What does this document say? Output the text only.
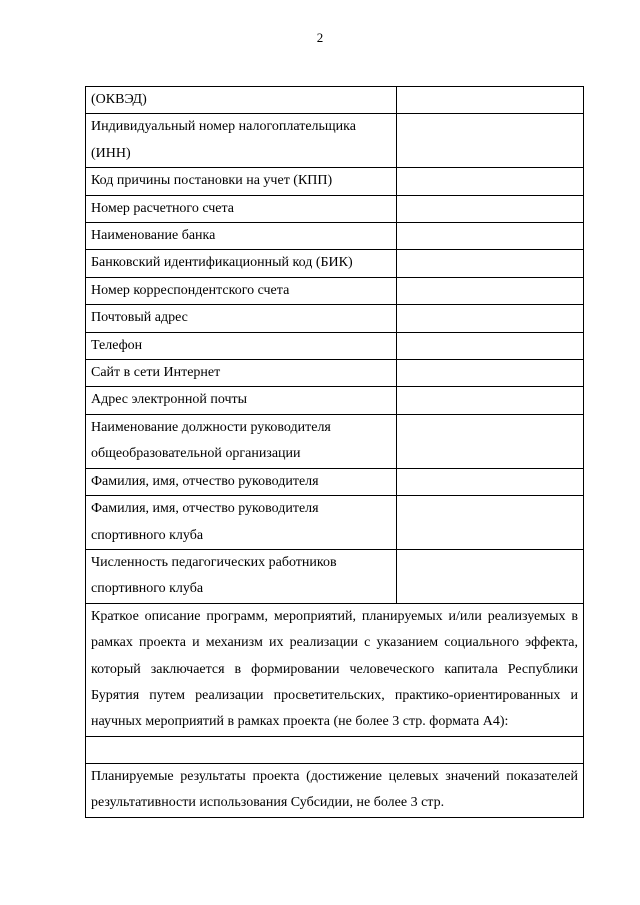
2
(ОКВЭД)	
Индивидуальный номер налогоплательщика (ИНН)	
Код причины постановки на учет (КПП)	
Номер расчетного счета	
Наименование банка	
Банковский идентификационный код (БИК)	
Номер корреспондентского счета	
Почтовый адрес	
Телефон	
Сайт в сети Интернет	
Адрес электронной почты	
Наименование должности руководителя общеобразовательной организации	
Фамилия, имя, отчество руководителя	
Фамилия, имя, отчество руководителя спортивного клуба	
Численность педагогических работников спортивного клуба	
Краткое описание программ, мероприятий, планируемых и/или реализуемых в рамках проекта и механизм их реализации с указанием социального эффекта, который заключается в формировании человеческого капитала Республики Бурятия путем реализации просветительских, практико-ориентированных и научных мероприятий в рамках проекта (не более 3 стр. формата А4):	

Планируемые результаты проекта (достижение целевых значений показателей результативности использования Субсидии, не более 3 стр.	
